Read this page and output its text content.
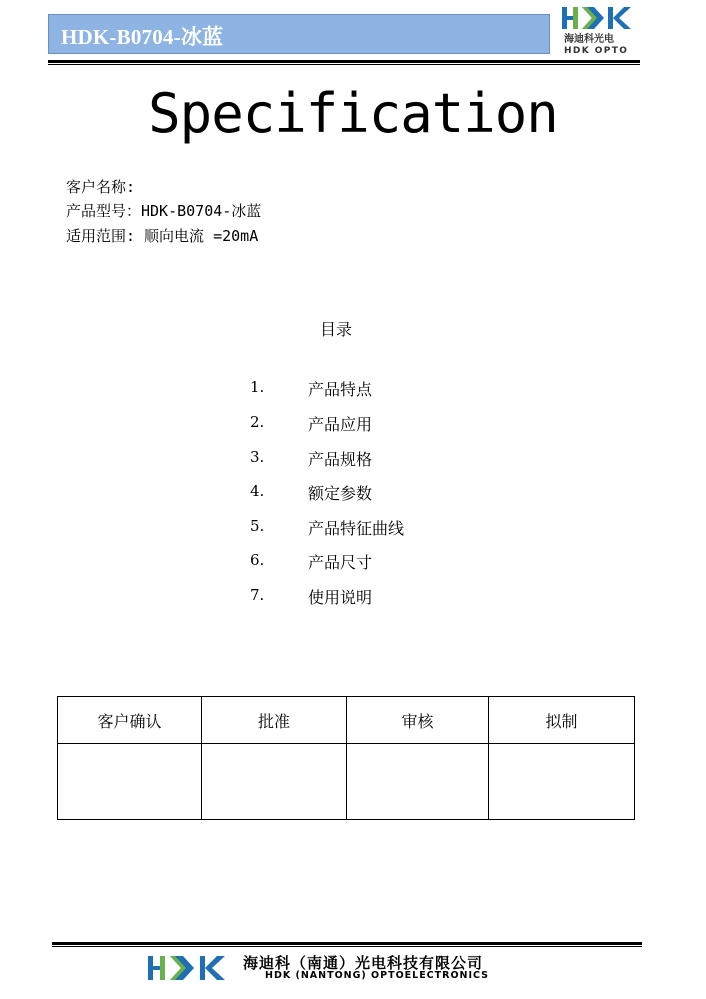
HDK-B0704-冰蓝	海迪科光电
HDK OPTO
Specification
客户名称:
产品型号：HDK-B0704-冰蓝
适用范围: 顺向电流 =20mA
目录
1.	产品特点
2.	产品应用
3.	产品规格
4.	额定参数
5.	产品特征曲线
6.	产品尺寸
7.	使用说明
客户确认	批准	审核	拟制

海迪科（南通）光电科技有限公司
HDK (NANTONG) OPTOELECTRONICS
